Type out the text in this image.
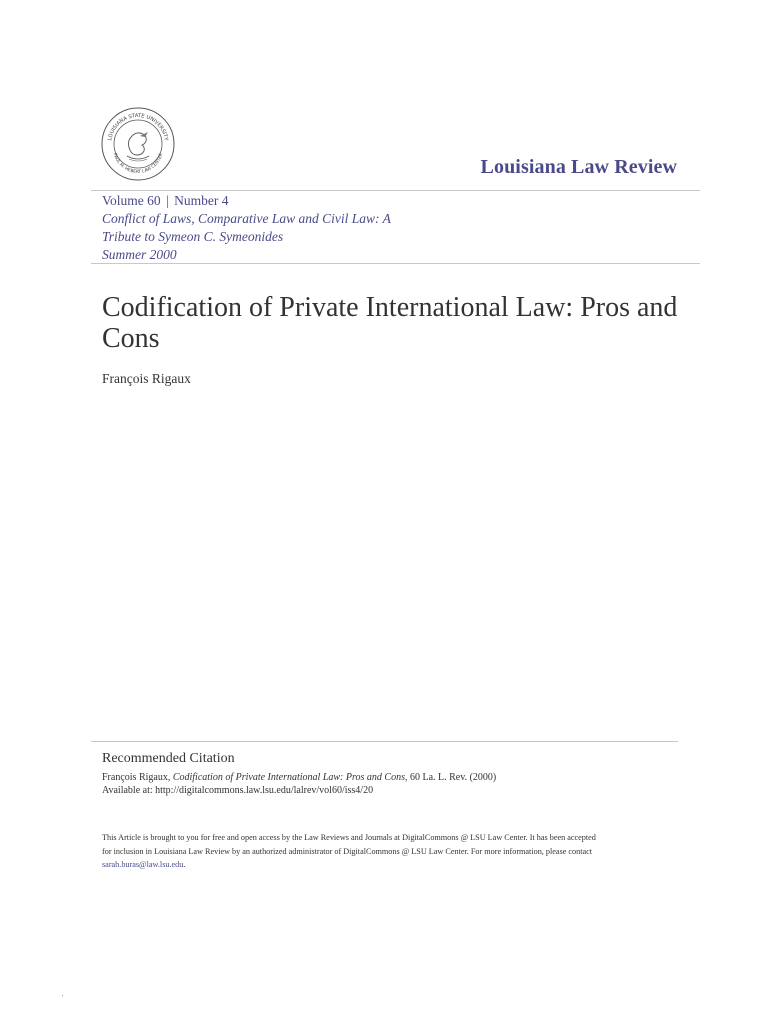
LOUISIANA STATE UNIVERSITY
PAUL M. HEBERT LAW CENTER
Louisiana Law Review
Volume 60 | Number 4
Conflict of Laws, Comparative Law and Civil Law: A
Tribute to Symeon C. Symeonides
Summer 2000
Codification of Private International Law: Pros and Cons
François Rigaux
Recommended Citation
François Rigaux, Codification of Private International Law: Pros and Cons, 60 La. L. Rev. (2000)
Available at: http://digitalcommons.law.lsu.edu/lalrev/vol60/iss4/20
This Article is brought to you for free and open access by the Law Reviews and Journals at DigitalCommons @ LSU Law Center. It has been accepted
for inclusion in Louisiana Law Review by an authorized administrator of DigitalCommons @ LSU Law Center. For more information, please contact
sarah.buras@law.lsu.edu.
